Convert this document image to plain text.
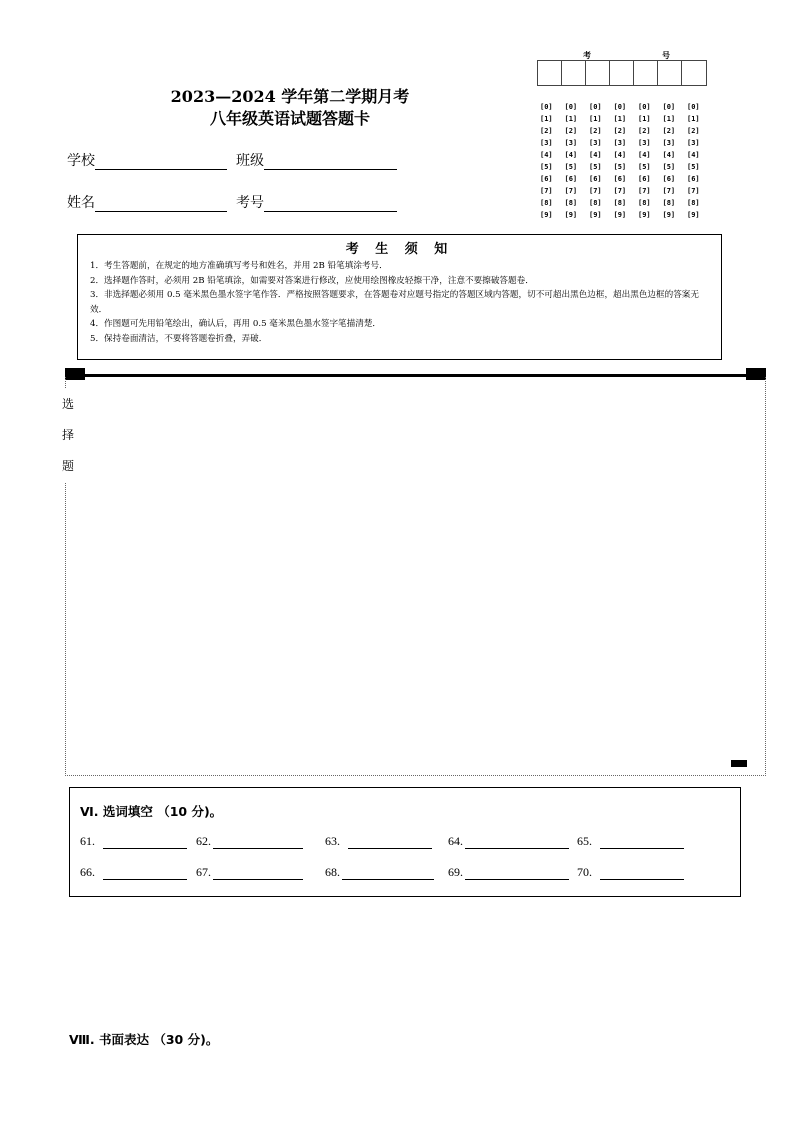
2023—2024 学年第二学期月考
八年级英语试题答题卡
学校	班级
姓名	考号
考	号
[0]	[0]	[0]	[0]	[0]	[0]	[0]
[1]	[1]	[1]	[1]	[1]	[1]	[1]
[2]	[2]	[2]	[2]	[2]	[2]	[2]
[3]	[3]	[3]	[3]	[3]	[3]	[3]
[4]	[4]	[4]	[4]	[4]	[4]	[4]
[5]	[5]	[5]	[5]	[5]	[5]	[5]
[6]	[6]	[6]	[6]	[6]	[6]	[6]
[7]	[7]	[7]	[7]	[7]	[7]	[7]
[8]	[8]	[8]	[8]	[8]	[8]	[8]
[9]	[9]	[9]	[9]	[9]	[9]	[9]
考 生 须 知
1．考生答题前，在规定的地方准确填写考号和姓名，并用 2B 铅笔填涂考号．
2．选择题作答时，必须用 2B 铅笔填涂，如需要对答案进行修改，应使用绘图橡皮轻擦干净，注意不要擦破答题卷．
3．非选择题必须用 0.5 毫米黑色墨水签字笔作答．严格按照答题要求，在答题卷对应题号指定的答题区域内答题，切不可超出黑色边框，超出黑色边框的答案无效．
4．作图题可先用铅笔绘出，确认后，再用 0.5 毫米黑色墨水签字笔描清楚．
5．保持卷面清洁，不要将答题卷折叠，弄破．
选
择
题
Ⅵ. 选词填空 （10 分)。
61.	62.	63.	64.	65.
66.	67.	68.	69.	70.
Ⅷ. 书面表达 （30 分)。
